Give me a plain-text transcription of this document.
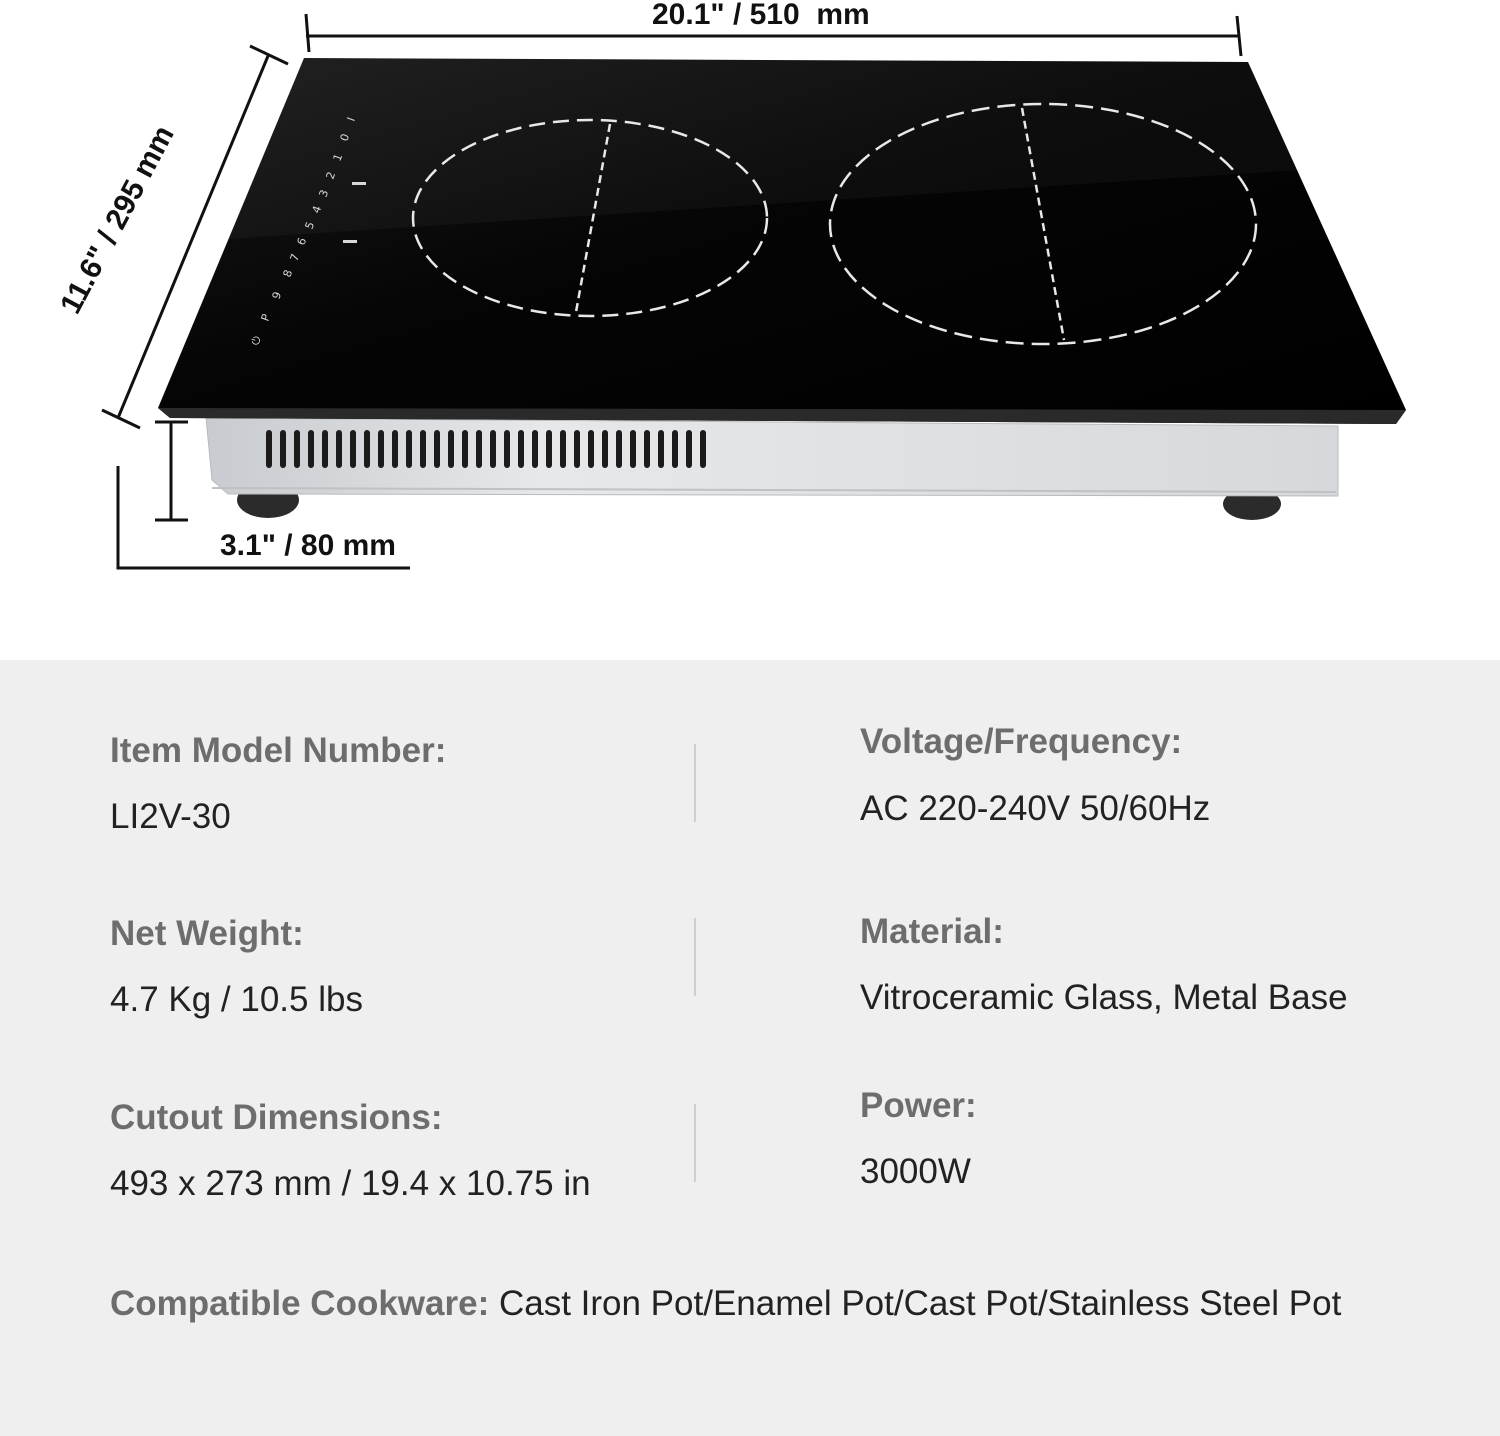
I
0
1
2
3
4
5
6
7
8
9
P
⏻
20.1" / 510  mm
11.6" / 295 mm
3.1" / 80 mm
Item Model Number:
LI2V-30
Voltage/Frequency:
AC 220-240V 50/60Hz
Net Weight:
4.7 Kg / 10.5 lbs
Material:
Vitroceramic Glass, Metal Base
Cutout Dimensions:
493 x 273 mm / 19.4 x 10.75 in
Power:
3000W
Compatible Cookware: Cast Iron Pot/Enamel Pot/Cast Pot/Stainless Steel Pot
